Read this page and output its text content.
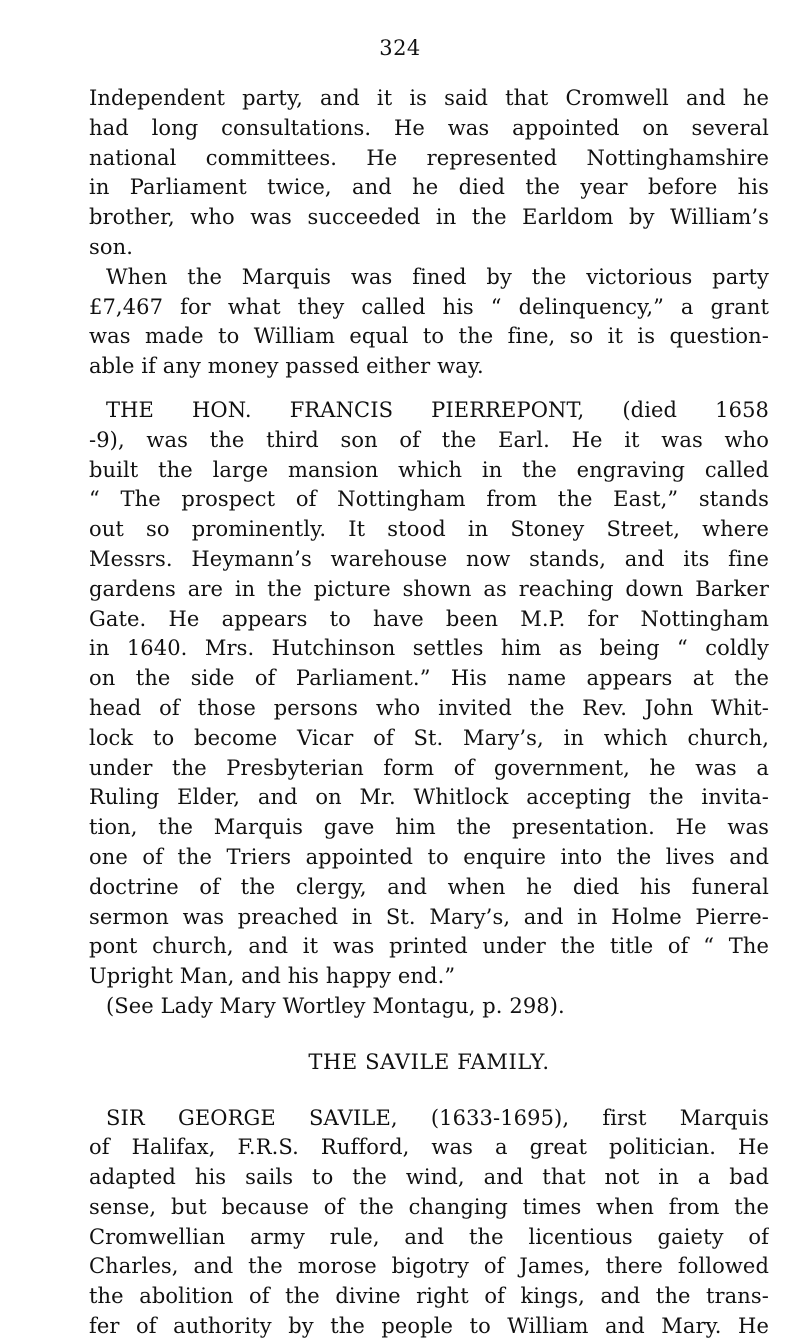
324
Independent party, and it is said that Cromwell and he
had long consultations. He was appointed on several
national committees. He represented Nottinghamshire
in Parliament twice, and he died the year before his
brother, who was succeeded in the Earldom by William’s
son.
When the Marquis was fined by the victorious party
£7,467 for what they called his “ delinquency,” a grant
was made to William equal to the fine, so it is question-
able if any money passed either way.
THE HON. FRANCIS PIERREPONT, (died 1658
-9), was the third son of the Earl. He it was who
built the large mansion which in the engraving called
“ The prospect of Nottingham from the East,” stands
out so prominently. It stood in Stoney Street, where
Messrs. Heymann’s warehouse now stands, and its fine
gardens are in the picture shown as reaching down Barker
Gate. He appears to have been M.P. for Nottingham
in 1640. Mrs. Hutchinson settles him as being “ coldly
on the side of Parliament.” His name appears at the
head of those persons who invited the Rev. John Whit-
lock to become Vicar of St. Mary’s, in which church,
under the Presbyterian form of government, he was a
Ruling Elder, and on Mr. Whitlock accepting the invita-
tion, the Marquis gave him the presentation. He was
one of the Triers appointed to enquire into the lives and
doctrine of the clergy, and when he died his funeral
sermon was preached in St. Mary’s, and in Holme Pierre-
pont church, and it was printed under the title of “ The
Upright Man, and his happy end.”
(See Lady Mary Wortley Montagu, p. 298).
THE SAVILE FAMILY.
SIR GEORGE SAVILE, (1633-1695), first Marquis
of Halifax, F.R.S. Rufford, was a great politician. He
adapted his sails to the wind, and that not in a bad
sense, but because of the changing times when from the
Cromwellian army rule, and the licentious gaiety of
Charles, and the morose bigotry of James, there followed
the abolition of the divine right of kings, and the trans-
fer of authority by the people to William and Mary. He
